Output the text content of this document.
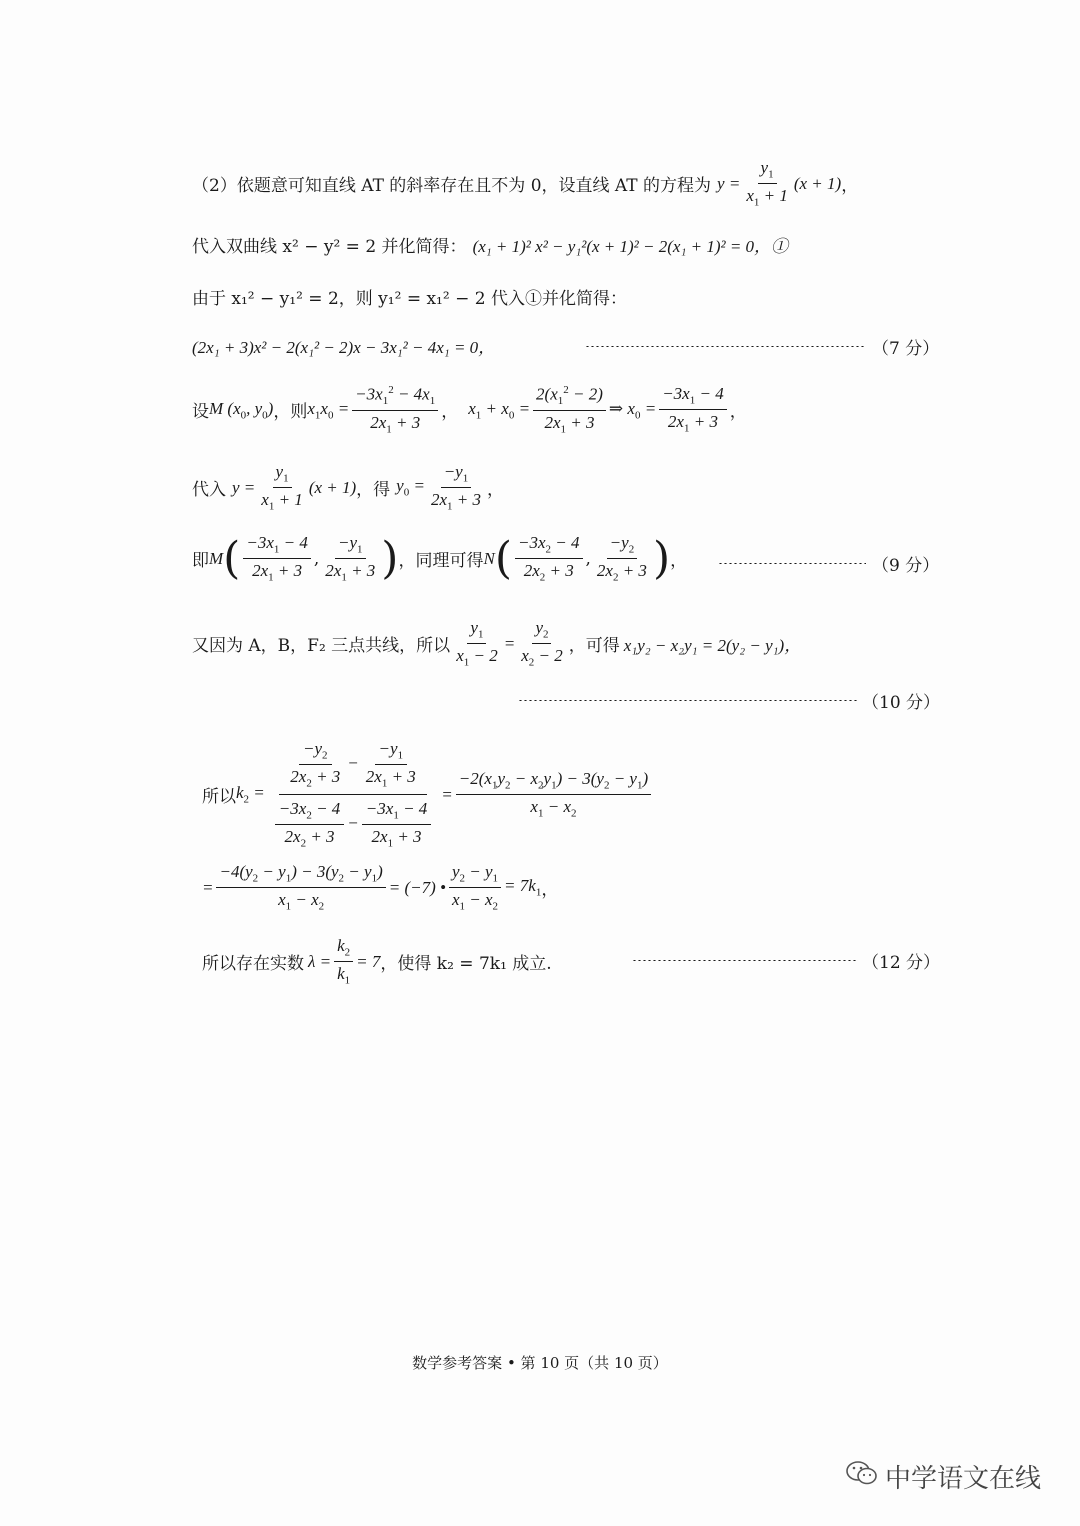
（2）依题意可知直线 AT 的斜率存在且不为 0，设直线 AT 的方程为 $y = \frac{y_1}{x_1 + 1} (x + 1)$ ，
代入双曲线 x² − y² = 2 并化简得： (x₁ + 1)² x² − y₁²(x + 1)² − 2(x₁ + 1)² = 0，①
由于 x₁² − y₁² = 2，则 y₁² = x₁² − 2 代入①并化简得：
(2x₁ + 3)x² − 2(x₁² − 2)x − 3x₁² − 4x₁ = 0，	（7 分）
设 M ($x_0$, $y_0$) ，则 $x_1x_0 = \frac{-3x_1^2 - 4x_1}{2x_1 + 3}$ ， $x_1 + x_0 = \frac{2(x_1^2 - 2)}{2x_1 + 3}$ ⇒ $x_0 = \frac{-3x_1 - 4}{2x_1 + 3}$ ，
代入 $y = \frac{y_1}{x_1 + 1} (x + 1)$ ，得 $y_0 = \frac{-y_1}{2x_1 + 3}$ ，
即 M ( $\frac{-3x_1 - 4}{2x_1 + 3}$ , $\frac{-y_1}{2x_1 + 3}$ ) ，同理可得 N ( $\frac{-3x_2 - 4}{2x_2 + 3}$ , $\frac{-y_2}{2x_2 + 3}$ ) ，	（9 分）
又因为 A，B，F₂ 三点共线，所以 $\frac{y_1}{x_1 - 2} = \frac{y_2}{x_2 - 2}$ ，可得 x₁y₂ − x₂y₁ = 2(y₂ − y₁)，
（10 分）
所以 $k_2 = \frac{\frac{-y_2}{2x_2 + 3} - \frac{-y_1}{2x_1 + 3}}{\frac{-3x_2 - 4}{2x_2 + 3} - \frac{-3x_1 - 4}{2x_1 + 3}} = \frac{-2(x_1y_2 - x_2y_1) - 3(y_2 - y_1)}{x_1 - x_2}$
= $\frac{-4(y_2 - y_1) - 3(y_2 - y_1)}{x_1 - x_2} = (-7)$ • $\frac{y_2 - y_1}{x_1 - x_2} = 7k_1$ ，
所以存在实数 $\lambda = \frac{k_2}{k_1} = 7$ ，使得 k₂ = 7k₁ 成立.	（12 分）
数学参考答案 • 第 10 页（共 10 页）
中学语文在线
